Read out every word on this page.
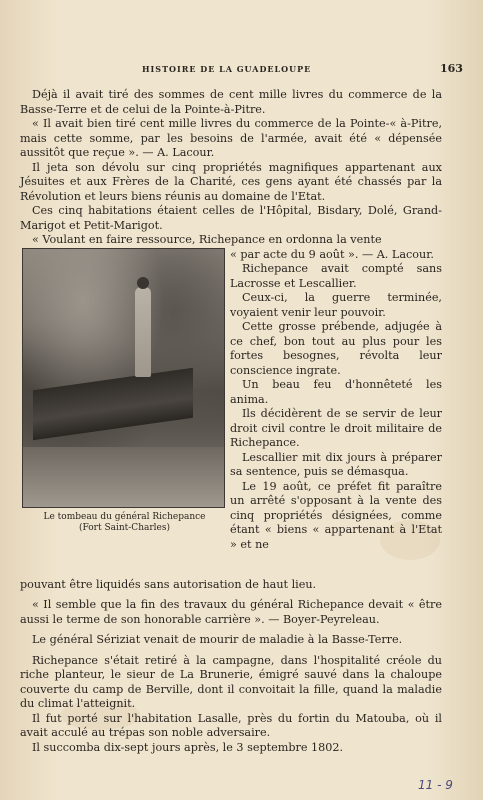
HISTOIRE DE LA GUADELOUPE	163

Déjà il avait tiré des sommes de cent mille livres du commerce de la Basse-Terre et de celui de la Pointe-à-Pitre.

« Il avait bien tiré cent mille livres du commerce de la Pointe-« à-Pitre, mais cette somme, par les besoins de l'armée, avait été « dépensée aussitôt que reçue ». — A. Lacour.

Il jeta son dévolu sur cinq propriétés magnifiques appartenant aux Jésuites et aux Frères de la Charité, ces gens ayant été chassés par la Révolution et leurs biens réunis au domaine de l'Etat.

Ces cinq habitations étaient celles de l'Hôpital, Bisdary, Dolé, Grand-Marigot et Petit-Marigot.

« Voulant en faire ressource, Richepance en ordonna la vente

Le tombeau du général Richepance
(Fort Saint-Charles)

« par acte du 9 août ». — A. Lacour.

Richepance avait compté sans Lacrosse et Lescallier.

Ceux-ci, la guerre terminée, voyaient venir leur pouvoir.

Cette grosse prébende, adjugée à ce chef, bon tout au plus pour les fortes besognes, révolta leur conscience ingrate.

Un beau feu d'honnêteté les anima.

Ils décidèrent de se servir de leur droit civil contre le droit militaire de Richepance.

Lescallier mit dix jours à préparer sa sentence, puis se démasqua.

Le 19 août, ce préfet fit paraître un arrêté s'opposant à la vente des cinq propriétés désignées, comme étant « biens « appartenant à l'Etat » et ne

pouvant être liquidés sans autorisation de haut lieu.

« Il semble que la fin des travaux du général Richepance devait « être aussi le terme de son honorable carrière ». — Boyer-Peyreleau.

Le général Sériziat venait de mourir de maladie à la Basse-Terre.

Richepance s'était retiré à la campagne, dans l'hospitalité créole du riche planteur, le sieur de La Brunerie, émigré sauvé dans la chaloupe couverte du camp de Berville, dont il convoitait la fille, quand la maladie du climat l'atteignit.

Il fut porté sur l'habitation Lasalle, près du fortin du Matouba, où il avait acculé au trépas son noble adversaire.

Il succomba dix-sept jours après, le 3 septembre 1802.

11 - 9
